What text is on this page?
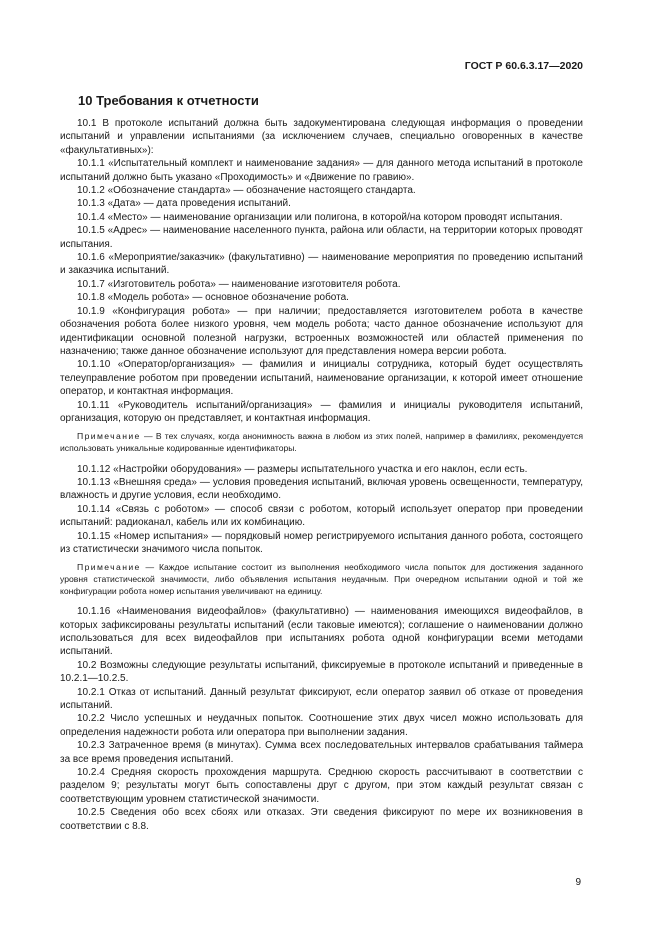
ГОСТ Р 60.6.3.17—2020
10 Требования к отчетности

10.1 В протоколе испытаний должна быть задокументирована следующая информация о проведении испытаний и управлении испытаниями (за исключением случаев, специально оговоренных в качестве «факультативных»):

10.1.1 «Испытательный комплект и наименование задания» — для данного метода испытаний в протоколе испытаний должно быть указано «Проходимость» и «Движение по гравию».

10.1.2 «Обозначение стандарта» — обозначение настоящего стандарта.

10.1.3 «Дата» — дата проведения испытаний.

10.1.4 «Место» — наименование организации или полигона, в которой/на котором проводят испытания.

10.1.5 «Адрес» — наименование населенного пункта, района или области, на территории которых проводят испытания.

10.1.6 «Мероприятие/заказчик» (факультативно) — наименование мероприятия по проведению испытаний и заказчика испытаний.

10.1.7 «Изготовитель робота» — наименование изготовителя робота.

10.1.8 «Модель робота» — основное обозначение робота.

10.1.9 «Конфигурация робота» — при наличии; предоставляется изготовителем робота в качестве обозначения робота более низкого уровня, чем модель робота; часто данное обозначение используют для идентификации основной полезной нагрузки, встроенных возможностей или областей применения по назначению; также данное обозначение используют для представления номера версии робота.

10.1.10 «Оператор/организация» — фамилия и инициалы сотрудника, который будет осуществлять телеуправление роботом при проведении испытаний, наименование организации, к которой имеет отношение оператор, и контактная информация.

10.1.11 «Руководитель испытаний/организация» — фамилия и инициалы руководителя испытаний, организация, которую он представляет, и контактная информация.

Примечание — В тех случаях, когда анонимность важна в любом из этих полей, например в фамилиях, рекомендуется использовать уникальные кодированные идентификаторы.

10.1.12 «Настройки оборудования» — размеры испытательного участка и его наклон, если есть.

10.1.13 «Внешняя среда» — условия проведения испытаний, включая уровень освещенности, температуру, влажность и другие условия, если необходимо.

10.1.14 «Связь с роботом» — способ связи с роботом, который использует оператор при проведении испытаний: радиоканал, кабель или их комбинацию.

10.1.15 «Номер испытания» — порядковый номер регистрируемого испытания данного робота, состоящего из статистически значимого числа попыток.

Примечание — Каждое испытание состоит из выполнения необходимого числа попыток для достижения заданного уровня статистической значимости, либо объявления испытания неудачным. При очередном испытании одной и той же конфигурации робота номер испытания увеличивают на единицу.

10.1.16 «Наименования видеофайлов» (факультативно) — наименования имеющихся видеофайлов, в которых зафиксированы результаты испытаний (если таковые имеются); соглашение о наименовании должно использоваться для всех видеофайлов при испытаниях робота одной конфигурации всеми методами испытаний.

10.2 Возможны следующие результаты испытаний, фиксируемые в протоколе испытаний и приведенные в 10.2.1—10.2.5.

10.2.1 Отказ от испытаний. Данный результат фиксируют, если оператор заявил об отказе от проведения испытаний.

10.2.2 Число успешных и неудачных попыток. Соотношение этих двух чисел можно использовать для определения надежности робота или оператора при выполнении задания.

10.2.3 Затраченное время (в минутах). Сумма всех последовательных интервалов срабатывания таймера за все время проведения испытаний.

10.2.4 Средняя скорость прохождения маршрута. Среднюю скорость рассчитывают в соответствии с разделом 9; результаты могут быть сопоставлены друг с другом, при этом каждый результат связан с соответствующим уровнем статистической значимости.

10.2.5 Сведения обо всех сбоях или отказах. Эти сведения фиксируют по мере их возникновения в соответствии с 8.8.

9
